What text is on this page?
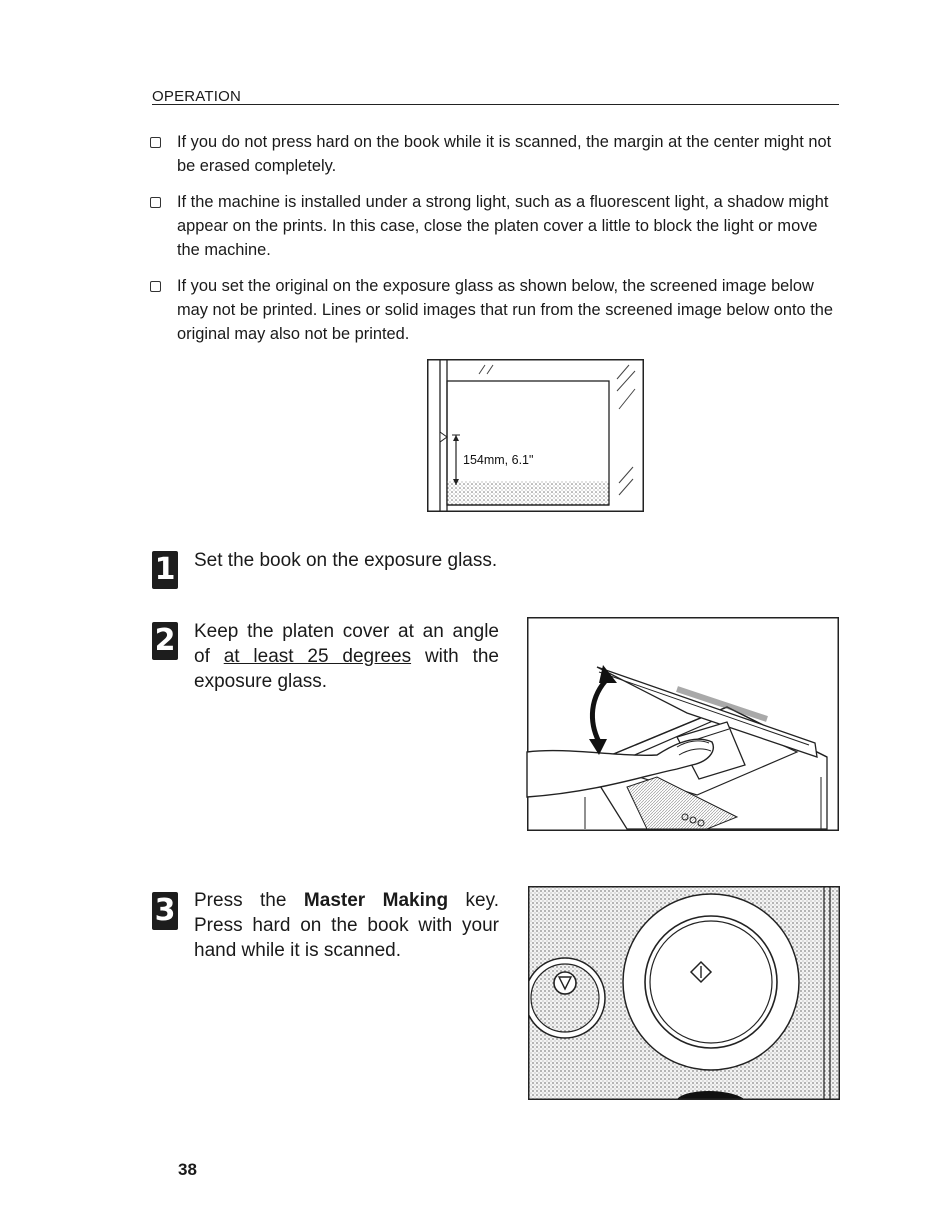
OPERATION
If you do not press hard on the book while it is scanned, the margin at the center might not be erased completely.
If the machine is installed under a strong light, such as a fluorescent light, a shadow might appear on the prints. In this case, close the platen cover a little to block the light or move the machine.
If you set the original on the exposure glass as shown below, the screened image below may not be printed. Lines or solid images that run from the screened image below onto the original may also not be printed.
154mm, 6.1"
1 Set the book on the exposure glass.
2 Keep the platen cover at an angle of at least 25 degrees with the exposure glass.
3 Press the Master Making key. Press hard on the book with your hand while it is scanned.
38
